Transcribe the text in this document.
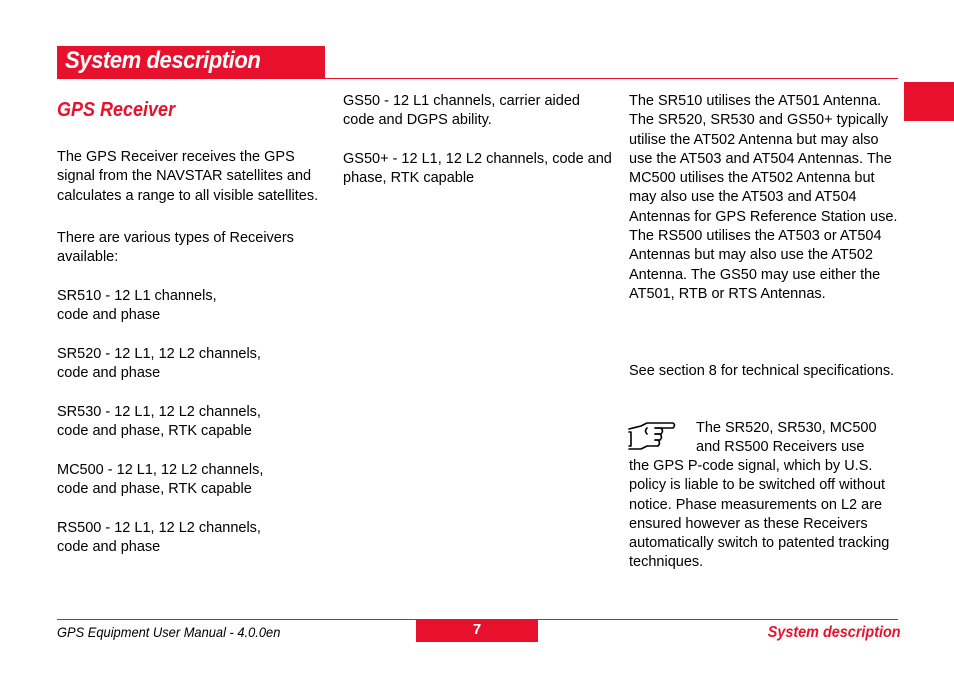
System description
GPS Receiver

The GPS Receiver receives the GPS signal from the NAVSTAR satellites and calculates a range to all visible satellites.

There are various types of Receivers available:

SR510 - 12 L1 channels,
code and phase
SR520 - 12 L1, 12 L2 channels,
code and phase
SR530 - 12 L1, 12 L2 channels,
code and phase, RTK capable
MC500 - 12 L1, 12 L2 channels,
code and phase, RTK capable
RS500 - 12 L1, 12 L2 channels,
code and phase

GS50 - 12 L1 channels, carrier aided code and DGPS ability.

GS50+ - 12 L1, 12 L2 channels, code and phase, RTK capable

The SR510 utilises the AT501 Antenna. The SR520, SR530 and GS50+ typically utilise the AT502 Antenna but may also use the AT503 and AT504 Antennas. The MC500 utilises the AT502 Antenna but may also use the AT503 and AT504 Antennas for GPS Reference Station use. The RS500 utilises the AT503 or AT504 Antennas but may also use the AT502 Antenna. The GS50 may use either the AT501, RTB or RTS Antennas.

See section 8 for technical specifications.

The SR520, SR530, MC500 and RS500 Receivers use

the GPS P-code signal, which by U.S. policy is liable to be switched off without notice. Phase measurements on L2 are ensured however as these Receivers automatically switch to patented tracking techniques.

GPS Equipment User Manual - 4.0.0en	7	System description
